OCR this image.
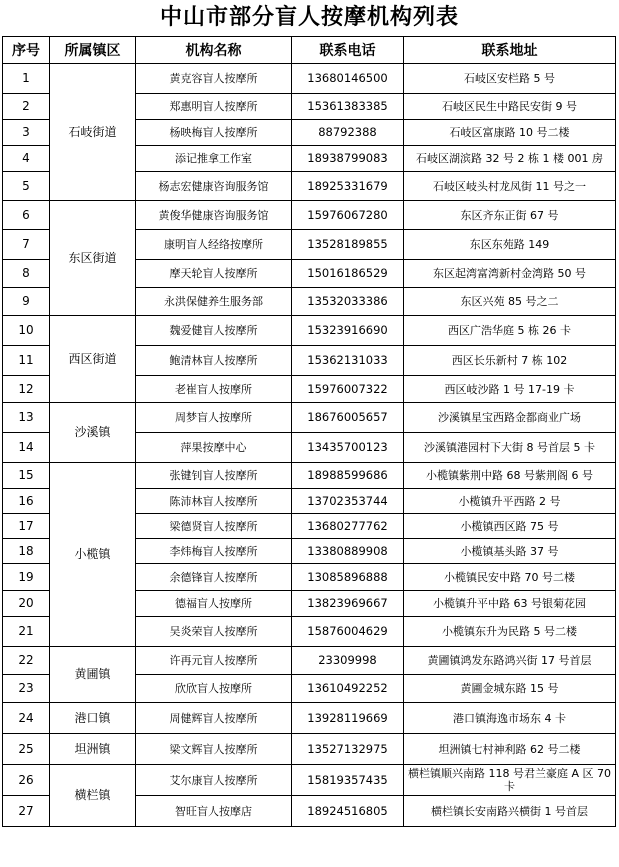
中山市部分盲人按摩机构列表
序号	所属镇区	机构名称	联系电话	联系地址
1	石岐街道	黄克容盲人按摩所	13680146500	石岐区安栏路 5 号
2		郑惠明盲人按摩所	15361383385	石岐区民生中路民安街 9 号
3		杨映梅盲人按摩所	88792388	石岐区富康路 10 号二楼
4		添记推拿工作室	18938799083	石岐区湖滨路 32 号 2 栋 1 楼 001 房
5		杨志宏健康咨询服务馆	18925331679	石岐区岐头村龙凤街 11 号之一
6	东区街道	黄俊华健康咨询服务馆	15976067280	东区齐东正街 67 号
7		康明盲人经络按摩所	13528189855	东区东苑路 149
8		摩天轮盲人按摩所	15016186529	东区起湾富湾新村金湾路 50 号
9		永洪保健养生服务部	13532033386	东区兴苑 85 号之二
10	西区街道	魏爱健盲人按摩所	15323916690	西区广浩华庭 5 栋 26 卡
11		鲍清林盲人按摩所	15362131033	西区长乐新村 7 栋 102
12		老崔盲人按摩所	15976007322	西区岐沙路 1 号 17-19 卡
13	沙溪镇	周梦盲人按摩所	18676005657	沙溪镇星宝西路金都商业广场
14		萍果按摩中心	13435700123	沙溪镇港园村下大街 8 号首层 5 卡
15	小榄镇	张键钊盲人按摩所	18988599686	小榄镇紫荆中路 68 号紫荆阁 6 号
16		陈沛林盲人按摩所	13702353744	小榄镇升平西路 2 号
17		梁德贤盲人按摩所	13680277762	小榄镇西区路 75 号
18		李炜梅盲人按摩所	13380889908	小榄镇基头路 37 号
19		余德锋盲人按摩所	13085896888	小榄镇民安中路 70 号二楼
20		德福盲人按摩所	13823969667	小榄镇升平中路 63 号银菊花园
21		吴炎荣盲人按摩所	15876004629	小榄镇东升为民路 5 号二楼
22	黄圃镇	许再元盲人按摩所	23309998	黄圃镇鸿发东路鸿兴街 17 号首层
23		欣欣盲人按摩所	13610492252	黄圃金城东路 15 号
24	港口镇	周健辉盲人按摩所	13928119669	港口镇海逸市场东 4 卡
25	坦洲镇	梁文辉盲人按摩所	13527132975	坦洲镇七村神利路 62 号二楼
26	横栏镇	艾尔康盲人按摩所	15819357435	横栏镇顺兴南路 118 号君兰豪庭 A 区 70 卡
27		智旺盲人按摩店	18924516805	横栏镇长安南路兴横街 1 号首层
